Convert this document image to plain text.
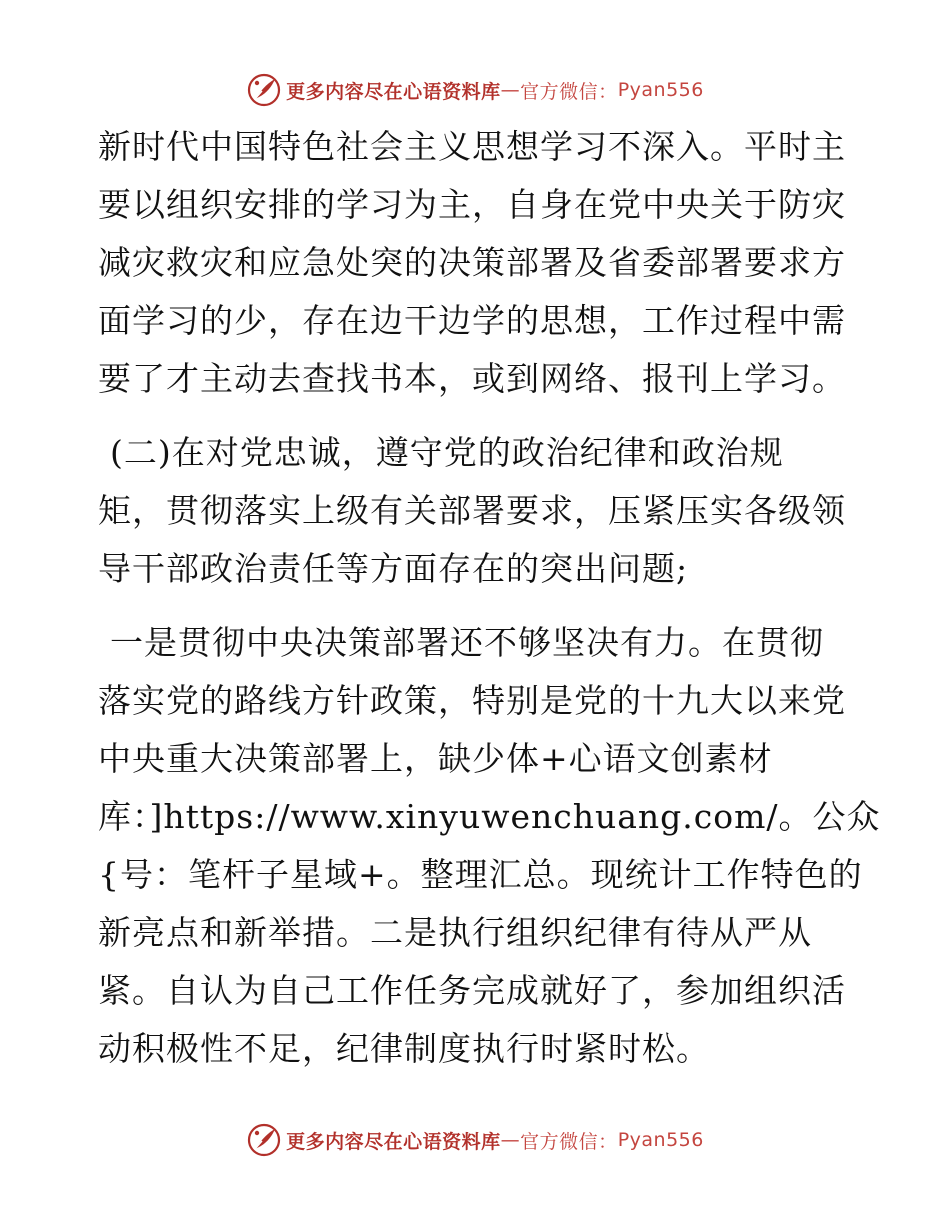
更多内容尽在心语资料库 — 官方微信： Pyan556
新时代中国特色社会主义思想学习不深入。平时主
要以组织安排的学习为主，自身在党中央关于防灾
减灾救灾和应急处突的决策部署及省委部署要求方
面学习的少，存在边干边学的思想，工作过程中需
要了才主动去查找书本，或到网络、报刊上学习。
(二)在对党忠诚，遵守党的政治纪律和政治规
矩，贯彻落实上级有关部署要求，压紧压实各级领
导干部政治责任等方面存在的突出问题;
一是贯彻中央决策部署还不够坚决有力。在贯彻
落实党的路线方针政策，特别是党的十九大以来党
中央重大决策部署上，缺少体+心语文创素材
库：]https://www.xinyuwenchuang.com/。公众
{号：笔杆子星域+。整理汇总。现统计工作特色的
新亮点和新举措。二是执行组织纪律有待从严从
紧。自认为自己工作任务完成就好了，参加组织活
动积极性不足，纪律制度执行时紧时松。
更多内容尽在心语资料库 — 官方微信： Pyan556
